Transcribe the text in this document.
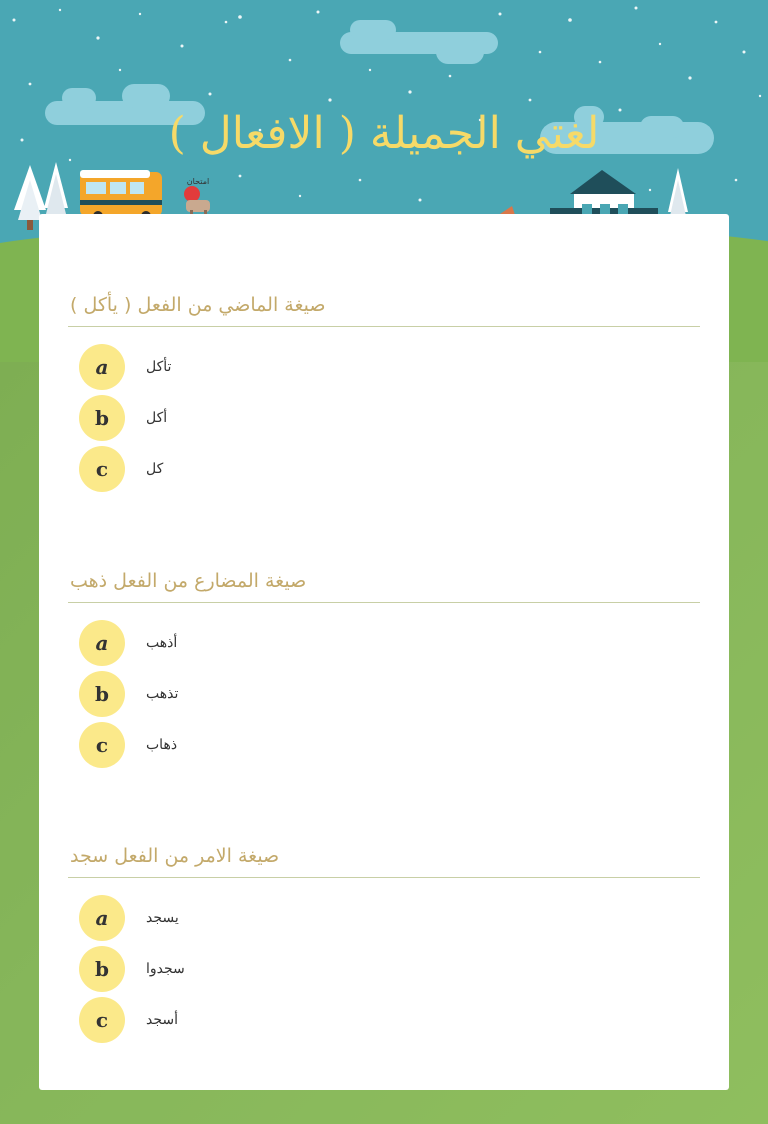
امتحان
لغتي الجميلة ( الافعال )
صيغة الماضي من الفعل ( يأكل )
a	تأكل
b	أكل
c	كل
صيغة المضارع من الفعل ذهب
a	أذهب
b	تذهب
c	ذهاب
صيغة الامر من الفعل سجد
a	يسجد
b	سجدوا
c	أسجد
